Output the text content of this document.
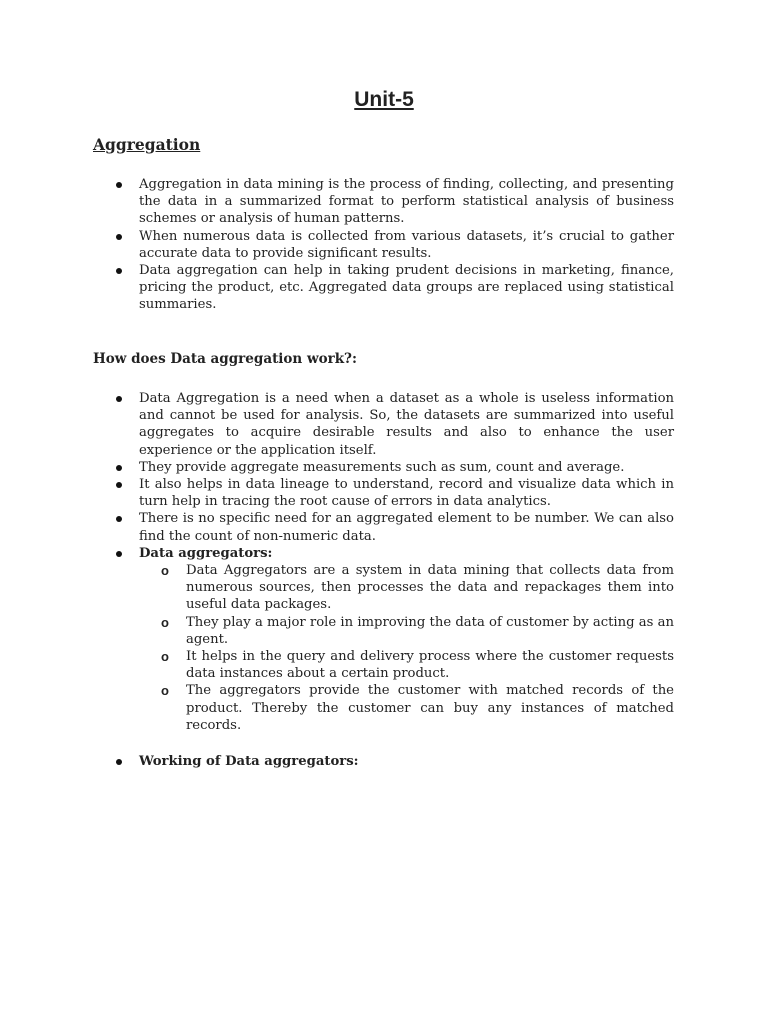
Unit-5
Aggregation
Aggregation in data mining is the process of finding, collecting, and presenting the data in a summarized format to perform statistical analysis of business schemes or analysis of human patterns.
When numerous data is collected from various datasets, it’s crucial to gather accurate data to provide significant results.
Data aggregation can help in taking prudent decisions in marketing, finance, pricing the product, etc. Aggregated data groups are replaced using statistical summaries.
How does Data aggregation work?:
Data Aggregation is a need when a dataset as a whole is useless information and cannot be used for analysis. So, the datasets are summarized into useful aggregates to acquire desirable results and also to enhance the user experience or the application itself.
They provide aggregate measurements such as sum, count and average.
It also helps in data lineage to understand, record and visualize data which in turn help in tracing the root cause of errors in data analytics.
There is no specific need for an aggregated element to be number. We can also find the count of non-numeric data.
Data aggregators:
o Data Aggregators are a system in data mining that collects data from numerous sources, then processes the data and repackages them into useful data packages.
o They play a major role in improving the data of customer by acting as an agent.
o It helps in the query and delivery process where the customer requests data instances about a certain product.
o The aggregators provide the customer with matched records of the product. Thereby the customer can buy any instances of matched records.
Working of Data aggregators:
